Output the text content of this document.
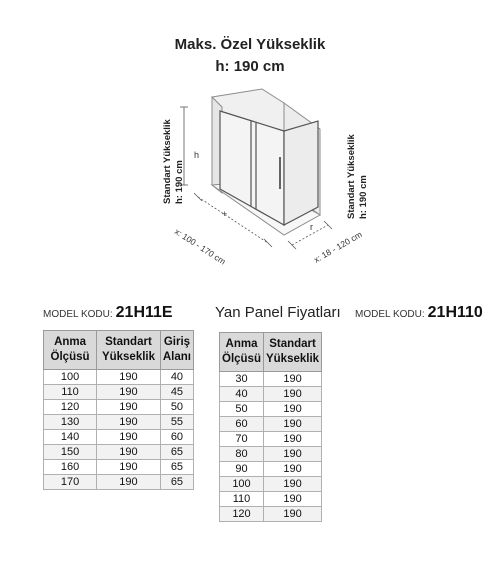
Maks. Özel Yükseklik
h: 190 cm
h
+
x: 100 - 170 cm	r
x: 18 - 120 cm
Standart Yükseklik h: 190 cm	Standart Yükseklik h: 190 cm
MODEL KODU: 21H11E	Yan Panel Fiyatları MODEL KODU: 21H110
Anma
Ölçüsü	Standart
Yükseklik	Giriş
Alanı
100	190	40
110	190	45
120	190	50
130	190	55
140	190	60
150	190	65
160	190	65
170	190	65
Anma
Ölçüsü	Standart
Yükseklik
30	190
40	190
50	190
60	190
70	190
80	190
90	190
100	190
110	190
120	190
